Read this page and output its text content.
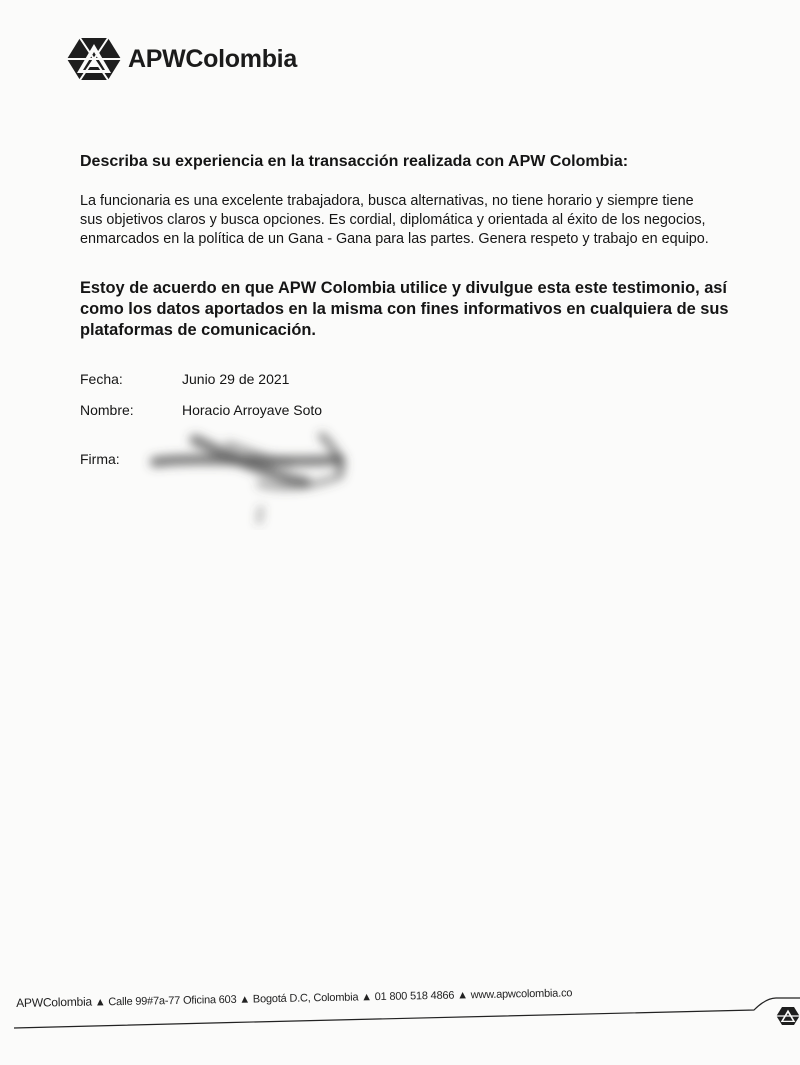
APWColombia

Describa su experiencia en la transacción realizada con APW Colombia:

La funcionaria es una excelente trabajadora, busca alternativas, no tiene horario y siempre tiene
sus objetivos claros y busca opciones. Es cordial, diplomática y orientada al éxito de los negocios,
enmarcados en la política de un Gana - Gana para las partes. Genera respeto y trabajo en equipo.

Estoy de acuerdo en que APW Colombia utilice y divulgue esta este testimonio, así
como los datos aportados en la misma con fines informativos en cualquiera de sus
plataformas de comunicación.

Fecha:	Junio 29 de 2021
Nombre:	Horacio Arroyave Soto
Firma:
APWColombia ▲ Calle 99#7a-77 Oficina 603 ▲ Bogotá D.C, Colombia ▲ 01 800 518 4866 ▲ www.apwcolombia.co
